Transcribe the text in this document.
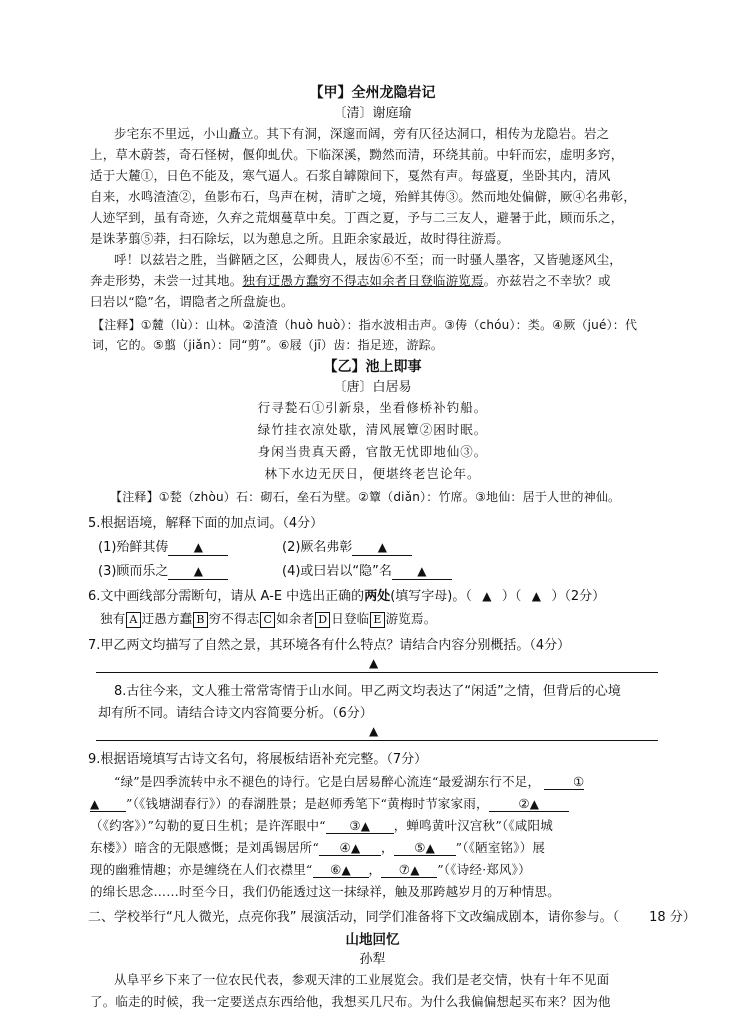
【甲】全州龙隐岩记
〔清〕谢庭瑜
步宅东不里远，小山矗立。其下有洞，深邃而阔，旁有仄径达洞口，相传为龙隐岩。岩之
上，草木蔚荟，奇石怪树，偃仰虬伏。下临深溪，黝然而清，环绕其前。中轩而宏，虚明多窍，
适于大麓①，日色不能及，寒气逼人。石浆自罅隙间下，戛然有声。每盛夏，坐卧其内，清风
自来，水鸣渣渣②，鱼影布石，鸟声在树，清旷之境，殆鲜其俦③。然而地处偏僻，厥④名弗彰，
人迹罕到，虽有奇迹，久弃之荒烟蔓草中矣。丁酉之夏，予与二三友人，避暑于此，顾而乐之，
是诛茅翦⑤莽，扫石除坛，以为憩息之所。且距余家最近，故时得往游焉。
呼！以兹岩之胜，当僻陋之区，公卿贵人，屐齿⑥不至；而一时骚人墨客，又皆驰逐风尘，
奔走形势，未尝一过其地。独有迂愚方蠢穷不得志如余者日登临游览焉。亦兹岩之不幸欤？或
曰岩以“隐”名，谓隐者之所盘旋也。
【注释】①麓（lù）：山林。②渣渣（huò huò）：指水波相击声。③俦（chóu）：类。④厥（jué）：代
词，它的。⑤翦（jiǎn）：同“剪”。⑥屐（jī）齿：指足迹，游踪。
【乙】池上即事
〔唐〕白居易
行寻甃石①引新泉，坐看修桥补钓船。
绿竹挂衣凉处歇，清风展簟②困时眠。
身闲当贵真天爵，官散无忧即地仙③。
林下水边无厌日，便堪终老岂论年。
【注释】①甃（zhòu）石：砌石，垒石为壁。②簟（diǎn）：竹席。③地仙：居于人世的神仙。
5.根据语境，解释下面的加点词。（4分）
(1)殆鲜其俦 ▲	(2)厥名弗彰 ▲
(3)顾而乐之 ▲	(4)或曰岩以“隐”名 ▲
6.文中画线部分需断句，请从 A-E 中选出正确的两处(填写字母)。（ ▲ ）（ ▲ ）（2分）
独有 A 迂愚方蠢 B 穷不得志 C 如余者 D 日登临 E 游览焉。
7.甲乙两文均描写了自然之景，其环境各有什么特点？请结合内容分别概括。（4分）
▲
8.古往今来，文人雅士常常寄情于山水间。甲乙两文均表达了“闲适”之情，但背后的心境
却有所不同。请结合诗文内容简要分析。（6分）
▲
9.根据语境填写古诗文名句，将展板结语补充完整。（7分）
“绿”是四季流转中永不褪色的诗行。它是白居易醉心流连“最爱湖东行不足，	①
▲ ”（《钱塘湖春行》）的春湖胜景；是赵师秀笔下“黄梅时节家家雨， ②▲
（《约客》）”勾勒的夏日生机；是许浑眼中“ ③▲ ，蝉鸣黄叶汉宫秋”（《咸阳城
东楼》）暗含的无限感慨；是刘禹锡居所“ ④▲ ， ⑤▲ ”（《陋室铭》）展
现的幽雅情趣；亦是缠绕在人们衣襟里“ ⑥▲ ， ⑦▲ ”（《诗经·郑风》）
的绵长思念……时至今日，我们仍能透过这一抹绿祥，触及那跨越岁月的万种情思。
二、学校举行“凡人微光，点亮你我” 展演活动，同学们准备将下文改编成剧本，请你参与。（ 18 分）
山地回忆
孙犁
从阜平乡下来了一位农民代表，参观天津的工业展览会。我们是老交情，快有十年不见面
了。临走的时候，我一定要送点东西给他，我想买几尺布。为什么我偏偏想起买布来？因为他
